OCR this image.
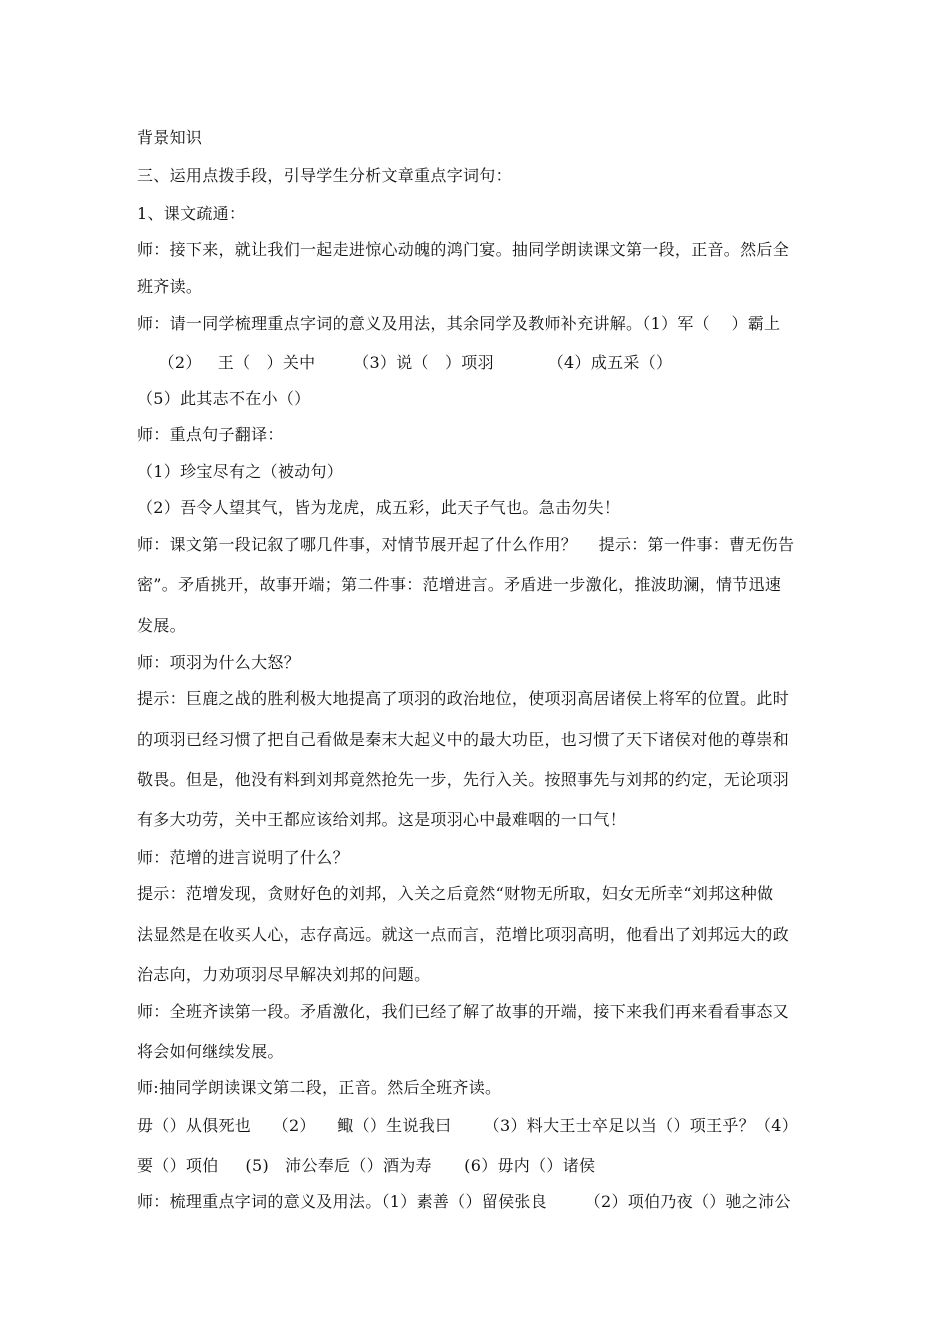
背景知识
三、运用点拨手段，引导学生分析文章重点字词句：
1、课文疏通：
师：接下来，就让我们一起走进惊心动魄的鸿门宴。抽同学朗读课文第一段，正音。然后全
班齐读。
师：请一同学梳理重点字词的意义及用法，其余同学及教师补充讲解。（1）军（    ）霸上
（2）   王（   ）关中       （3）说（   ）项羽          （4）成五采（）
（5）此其志不在小（）
师：重点句子翻译：
（1）珍宝尽有之（被动句）
（2）吾令人望其气，皆为龙虎，成五彩，此天子气也。急击勿失！
师：课文第一段记叙了哪几件事，对情节展开起了什么作用？    提示：第一件事：曹无伤告
密”。矛盾挑开，故事开端；第二件事：范增进言。矛盾进一步激化，推波助澜，情节迅速
发展。
师：项羽为什么大怒？
提示：巨鹿之战的胜利极大地提高了项羽的政治地位，使项羽高居诸侯上将军的位置。此时
的项羽已经习惯了把自己看做是秦末大起义中的最大功臣，也习惯了天下诸侯对他的尊崇和
敬畏。但是，他没有料到刘邦竟然抢先一步，先行入关。按照事先与刘邦的约定，无论项羽
有多大功劳，关中王都应该给刘邦。这是项羽心中最难咽的一口气！
师：范增的进言说明了什么？
提示：范增发现，贪财好色的刘邦，入关之后竟然“财物无所取，妇女无所幸“刘邦这种做
法显然是在收买人心，志存高远。就这一点而言，范增比项羽高明，他看出了刘邦远大的政
治志向，力劝项羽尽早解决刘邦的问题。
师：全班齐读第一段。矛盾激化，我们已经了解了故事的开端，接下来我们再来看看事态又
将会如何继续发展。
师:抽同学朗读课文第二段，正音。然后全班齐读。
毋（）从俱死也    （2）    鲰（）生说我曰      （3）料大王士卒足以当（）项王乎？（4）
要（）项伯     (5)   沛公奉卮（）酒为寿      (6）毋内（）诸侯
师：梳理重点字词的意义及用法。（1）素善（）留侯张良       （2）项伯乃夜（）驰之沛公
